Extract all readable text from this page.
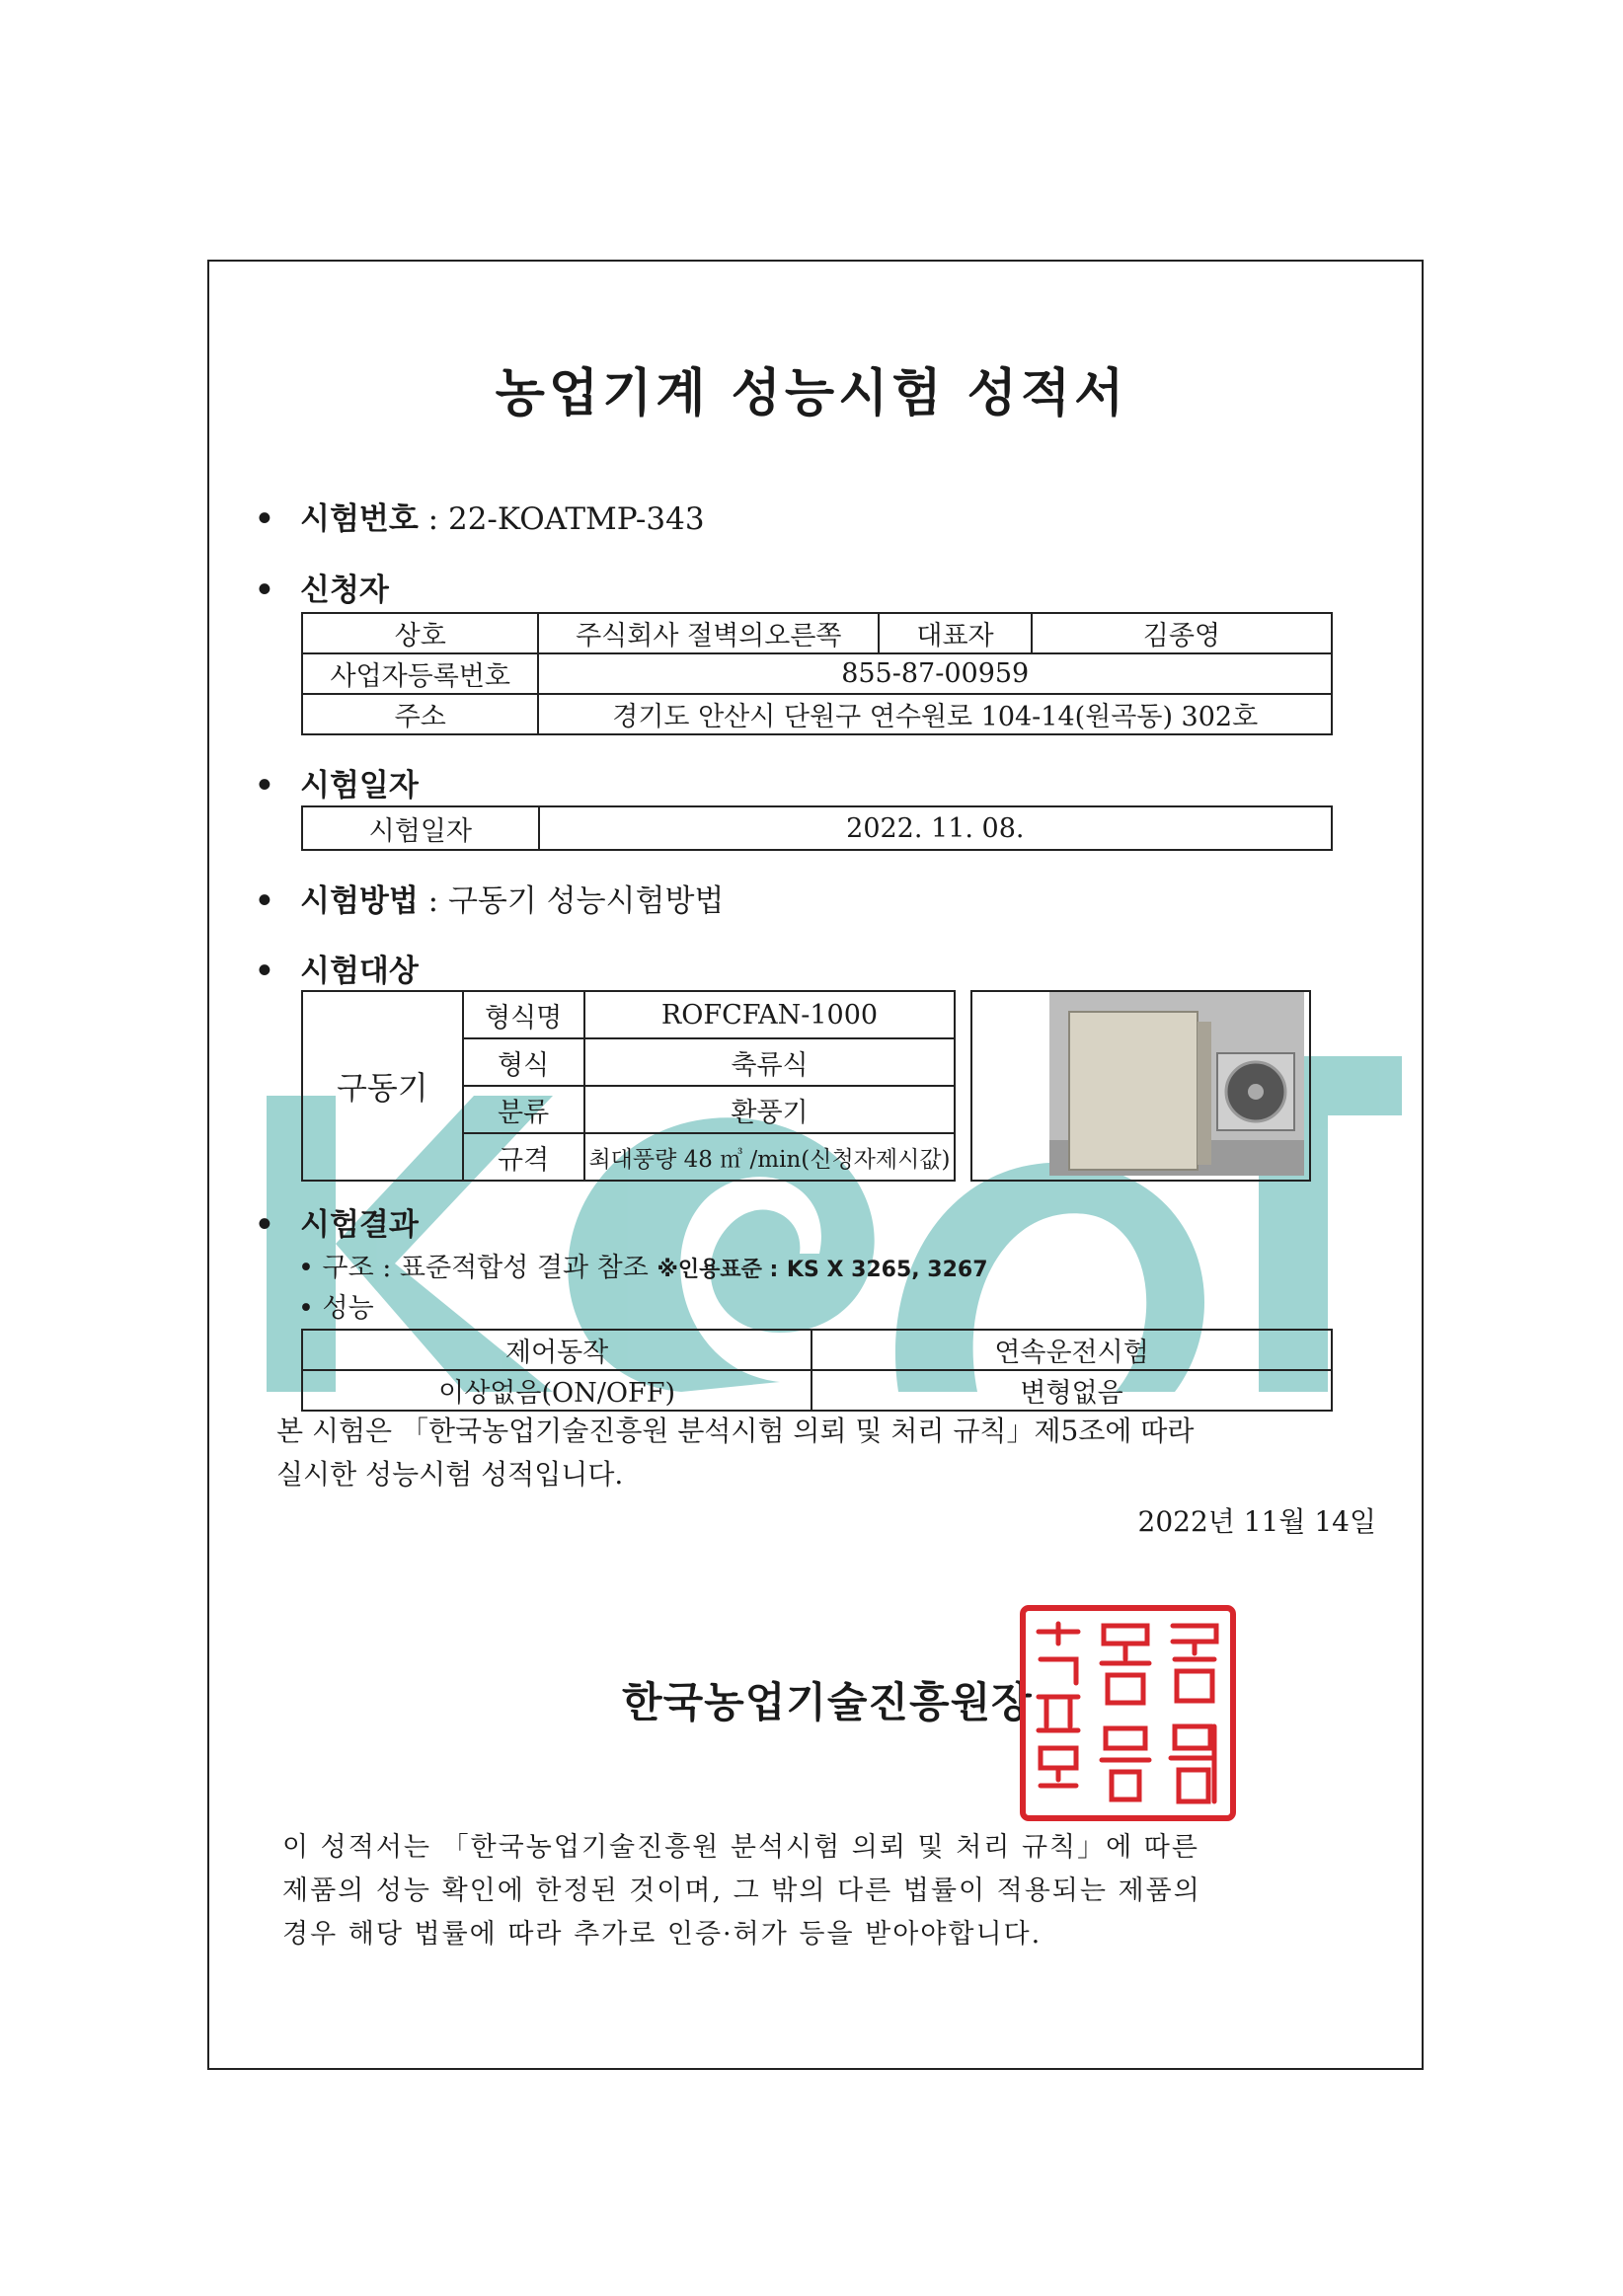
농업기계 성능시험 성적서
• 시험번호 : 22-KOATMP-343
• 신청자
상호	주식회사 절벽의오른쪽	대표자	김종영
사업자등록번호	855-87-00959		
주소	경기도 안산시 단원구 연수원로 104-14(원곡동) 302호		
• 시험일자
시험일자	2022. 11. 08.
• 시험방법 : 구동기 성능시험방법
• 시험대상
구동기	형식명	ROFCFAN-1000		
	형식	축류식		
	분류	환풍기		
	규격	최대풍량 48 ㎥ /min(신청자제시값)		
• 시험결과
• 구조 : 표준적합성 결과 참조 ※인용표준 : KS X 3265, 3267
• 성능
제어동작	연속운전시험
이상없음(ON/OFF)	변형없음
본 시험은 「한국농업기술진흥원 분석시험 의뢰 및 처리 규칙」제5조에 따라
실시한 성능시험 성적입니다.
2022년 11월 14일
한국농업기술진흥원장
이 성적서는 「한국농업기술진흥원 분석시험 의뢰 및 처리 규칙」에 따른
제품의 성능 확인에 한정된 것이며, 그 밖의 다른 법률이 적용되는 제품의
경우 해당 법률에 따라 추가로 인증·허가 등을 받아야합니다.
